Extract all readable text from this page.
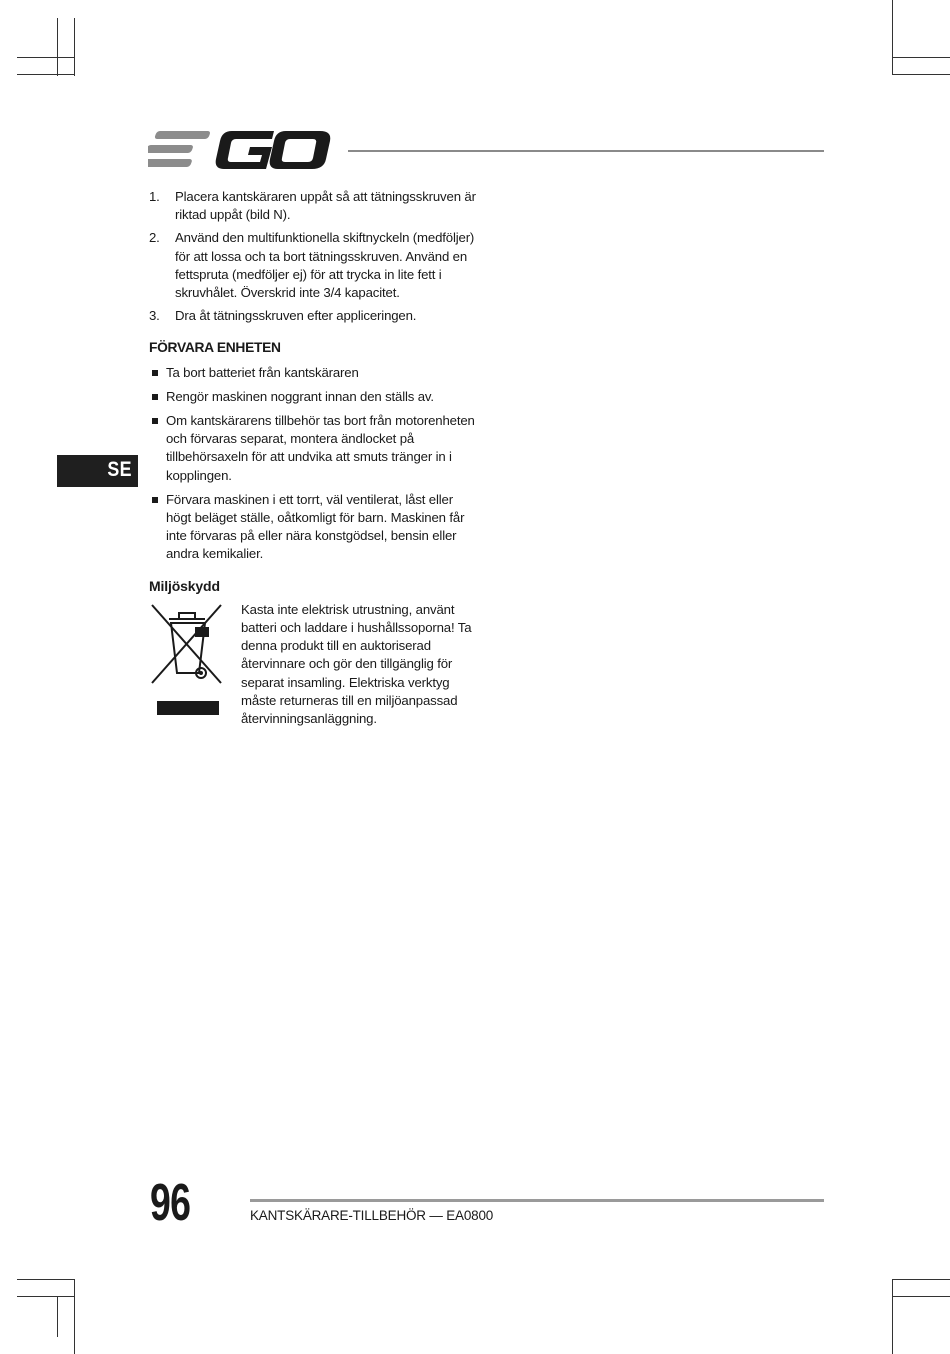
SE
1. Placera kantskäraren uppåt så att tätningsskruven är riktad uppåt (bild N).
2. Använd den multifunktionella skiftnyckeln (medföljer) för att lossa och ta bort tätningsskruven. Använd en fettspruta (medföljer ej) för att trycka in lite fett i skruvhålet. Överskrid inte 3/4 kapacitet.
3. Dra åt tätningsskruven efter appliceringen.
FÖRVARA ENHETEN
Ta bort batteriet från kantskäraren
Rengör maskinen noggrant innan den ställs av.
Om kantskärarens tillbehör tas bort från motorenheten och förvaras separat, montera ändlocket på tillbehörsaxeln för att undvika att smuts tränger in i kopplingen.
Förvara maskinen i ett torrt, väl ventilerat, låst eller högt beläget ställe, oåtkomligt för barn. Maskinen får inte förvaras på eller nära konstgödsel, bensin eller andra kemikalier.
Miljöskydd

Kasta inte elektrisk utrustning, använt batteri och laddare i hushållssoporna! Ta denna produkt till en auktoriserad återvinnare och gör den tillgänglig för separat insamling. Elektriska verktyg måste returneras till en miljöanpassad återvinningsanläggning.

96	KANTSKÄRARE-TILLBEHÖR — EA0800
